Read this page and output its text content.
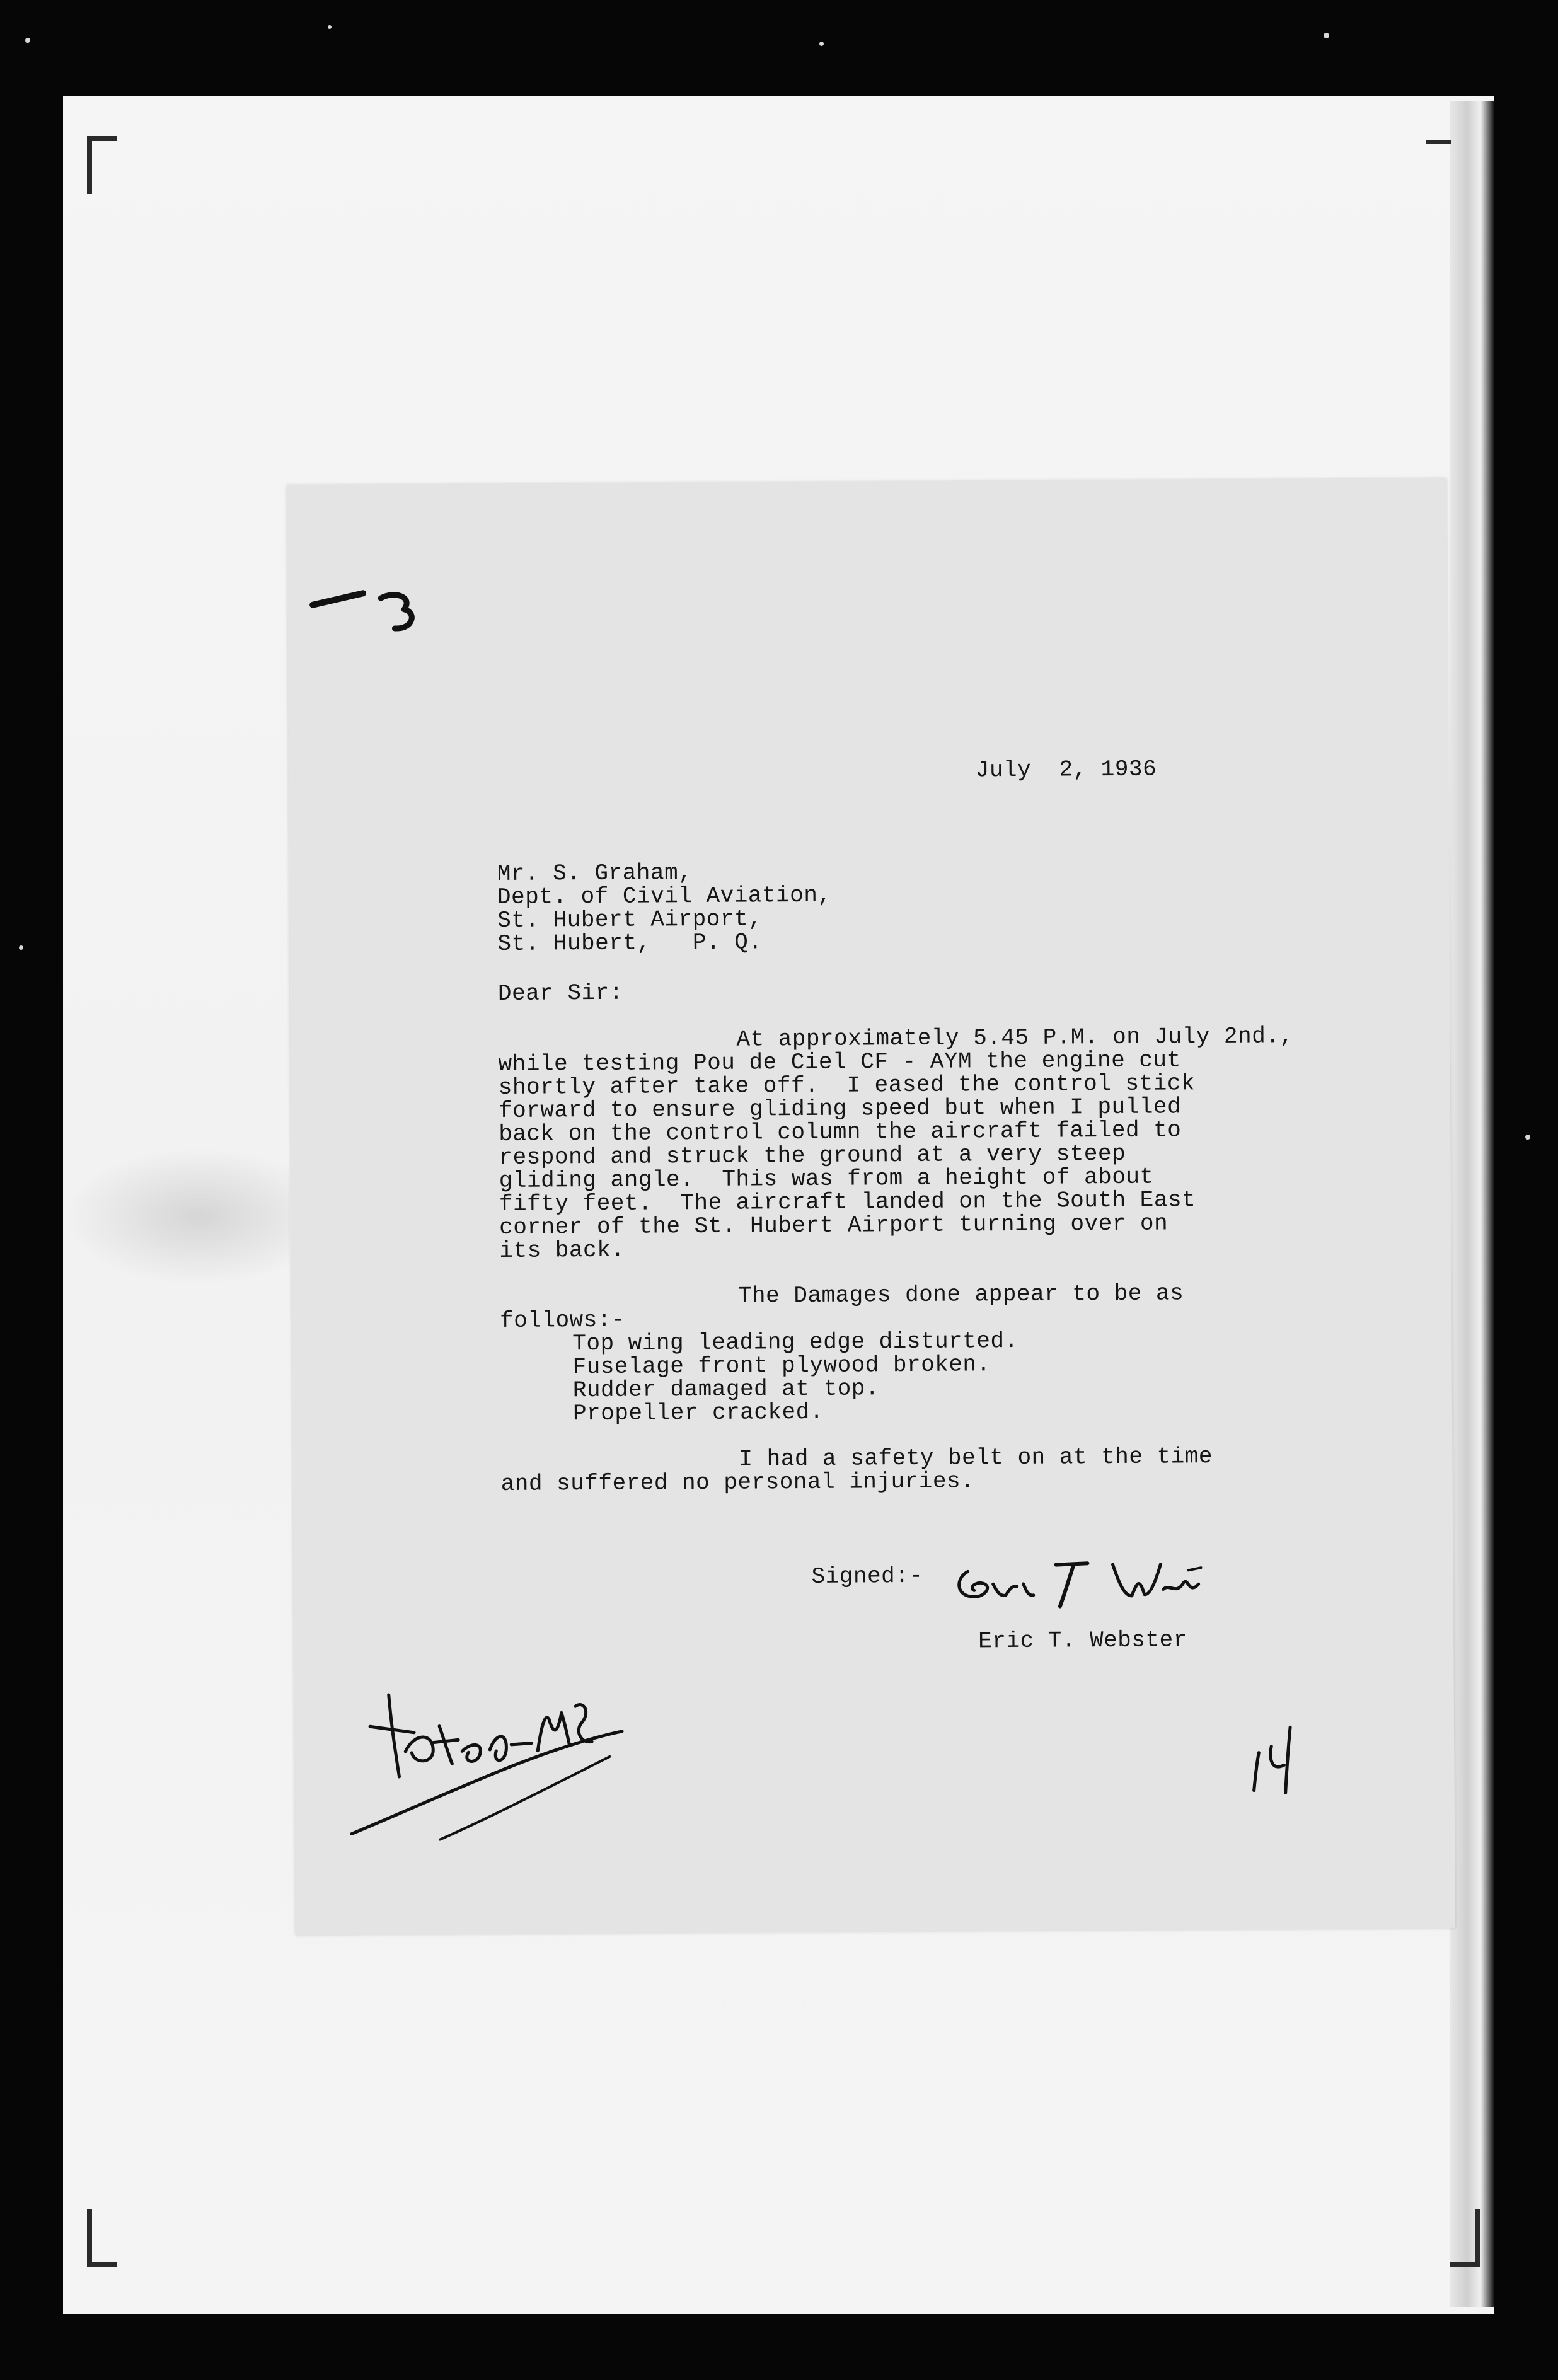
July  2, 1936
Mr. S. Graham,
Dept. of Civil Aviation,
St. Hubert Airport,
St. Hubert,   P. Q.
Dear Sir:
At approximately 5.45 P.M. on July 2nd.,
while testing Pou de Ciel CF - AYM the engine cut
shortly after take off.  I eased the control stick
forward to ensure gliding speed but when I pulled
back on the control column the aircraft failed to
respond and struck the ground at a very steep
gliding angle.  This was from a height of about
fifty feet.  The aircraft landed on the South East
corner of the St. Hubert Airport turning over on
its back.
The Damages done appear to be as
follows:-
Top wing leading edge disturted.
Fuselage front plywood broken.
Rudder damaged at top.
Propeller cracked.
I had a safety belt on at the time
and suffered no personal injuries.
Signed:-
Eric T. Webster
